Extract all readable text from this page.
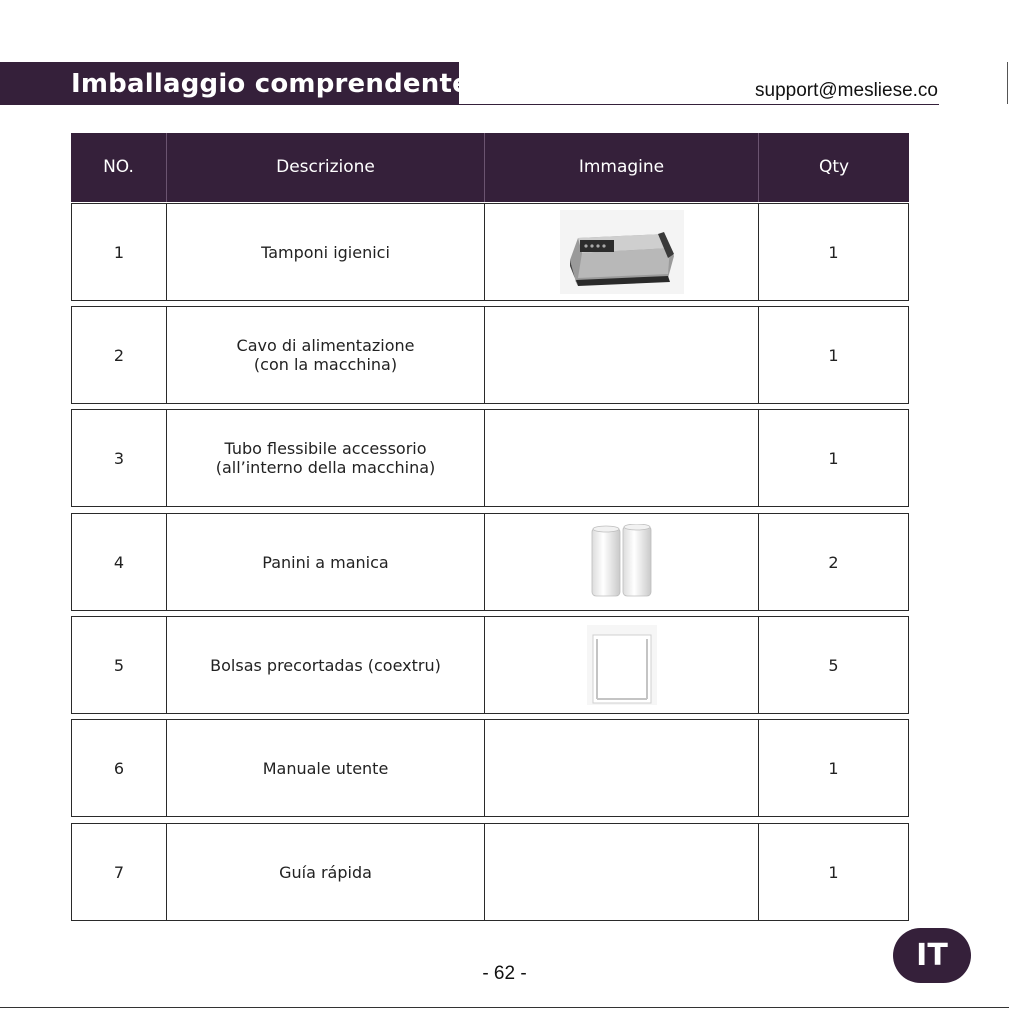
Imballaggio comprendente	support@mesliese.co
NO.	Descrizione	Immagine	Qty
1	Tamponi igienici	1
2	Cavo di alimentazione
(con la macchina)	1
3	Tubo flessibile accessorio
(all’interno della macchina)	1
4	Panini a manica	2
5	Bolsas precortadas (coextru)	5
6	Manuale utente	1
7	Guía rápida	1
- 62 -
IT
